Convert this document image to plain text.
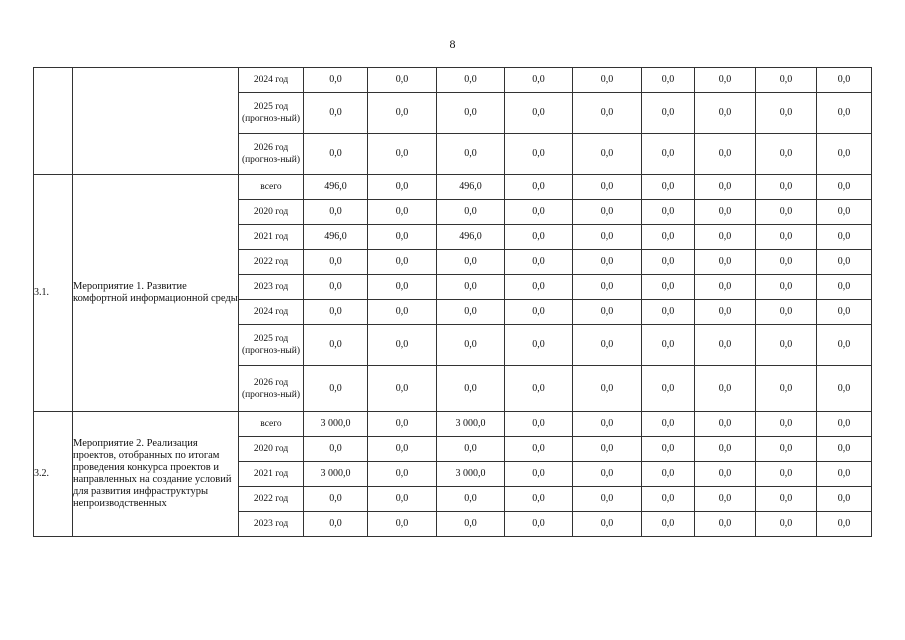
8
		2024 год	0,0	0,0	0,0	0,0	0,0	0,0	0,0	0,0	0,0
		2025 год (прогноз-ный)	0,0	0,0	0,0	0,0	0,0	0,0	0,0	0,0	0,0
		2026 год (прогноз-ный)	0,0	0,0	0,0	0,0	0,0	0,0	0,0	0,0	0,0
3.1.	Мероприятие 1. Развитие комфортной информационной среды	всего	496,0	0,0	496,0	0,0	0,0	0,0	0,0	0,0	0,0
		2020 год	0,0	0,0	0,0	0,0	0,0	0,0	0,0	0,0	0,0
		2021 год	496,0	0,0	496,0	0,0	0,0	0,0	0,0	0,0	0,0
		2022 год	0,0	0,0	0,0	0,0	0,0	0,0	0,0	0,0	0,0
		2023 год	0,0	0,0	0,0	0,0	0,0	0,0	0,0	0,0	0,0
		2024 год	0,0	0,0	0,0	0,0	0,0	0,0	0,0	0,0	0,0
		2025 год (прогноз-ный)	0,0	0,0	0,0	0,0	0,0	0,0	0,0	0,0	0,0
		2026 год (прогноз-ный)	0,0	0,0	0,0	0,0	0,0	0,0	0,0	0,0	0,0
3.2.	Мероприятие 2. Реализация проектов, отобранных по итогам проведения конкурса проектов и направленных на создание условий для развития инфраструктуры непроизводственных	всего	3 000,0	0,0	3 000,0	0,0	0,0	0,0	0,0	0,0	0,0
		2020 год	0,0	0,0	0,0	0,0	0,0	0,0	0,0	0,0	0,0
		2021 год	3 000,0	0,0	3 000,0	0,0	0,0	0,0	0,0	0,0	0,0
		2022 год	0,0	0,0	0,0	0,0	0,0	0,0	0,0	0,0	0,0
		2023 год	0,0	0,0	0,0	0,0	0,0	0,0	0,0	0,0	0,0
